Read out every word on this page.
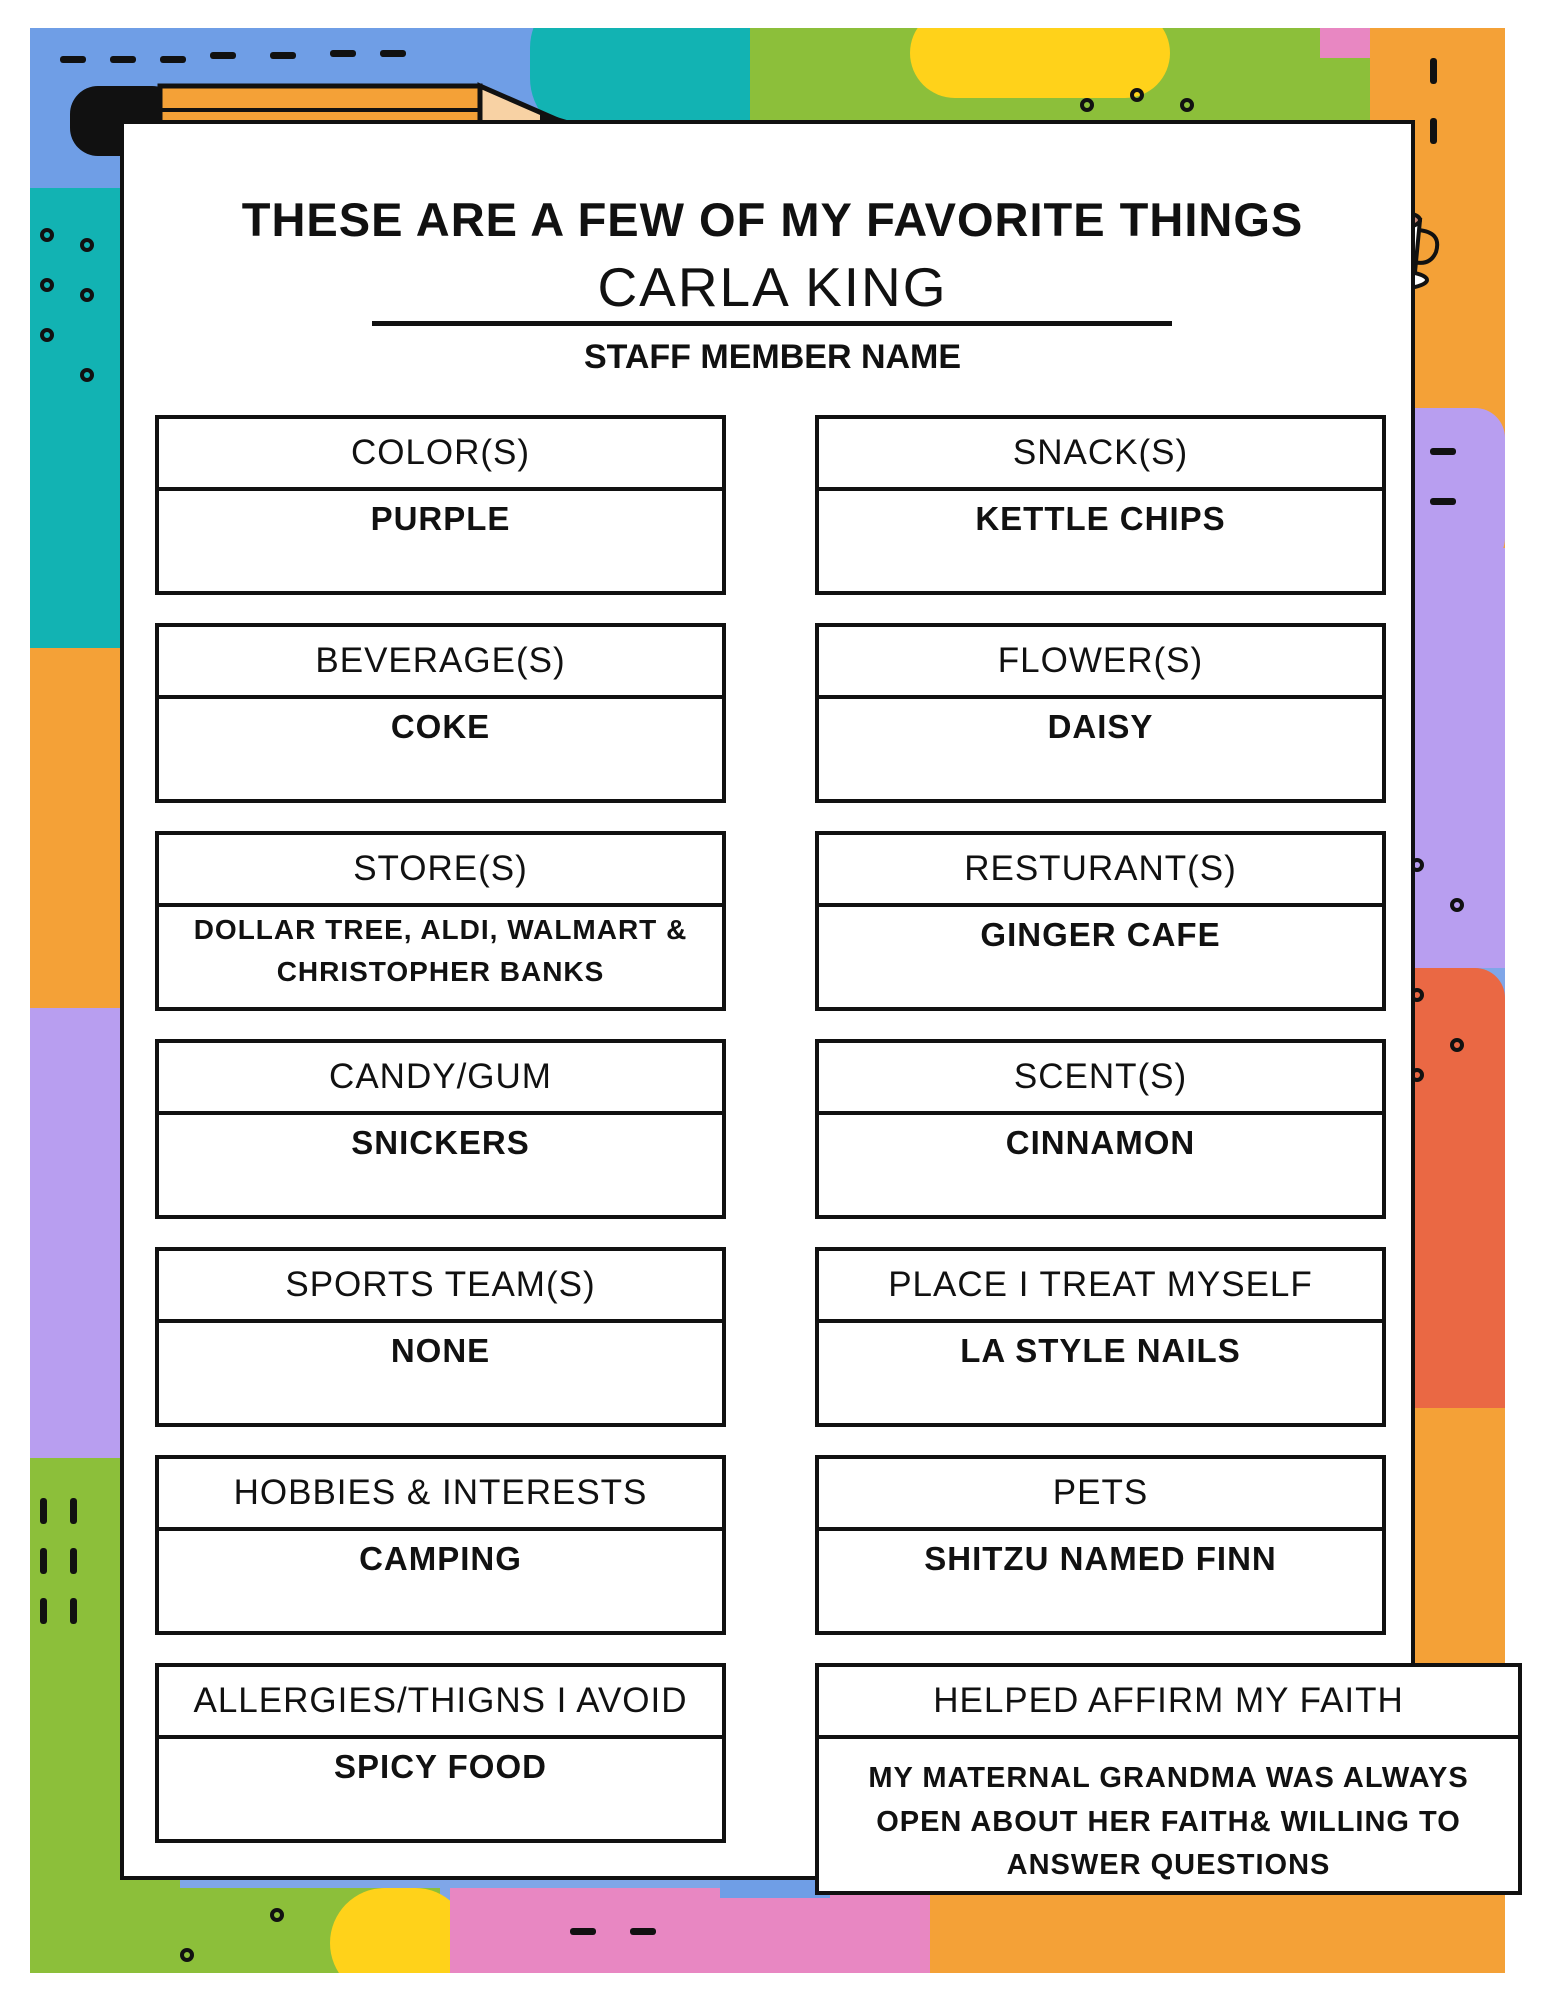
THESE ARE A FEW OF MY FAVORITE THINGS
CARLA KING
STAFF MEMBER NAME
COLOR(S)
PURPLE
BEVERAGE(S)
COKE
STORE(S)
DOLLAR TREE, ALDI, WALMART & CHRISTOPHER BANKS
CANDY/GUM
SNICKERS
SPORTS TEAM(S)
NONE
HOBBIES & INTERESTS
CAMPING
ALLERGIES/THIGNS I AVOID
SPICY FOOD
SNACK(S)
KETTLE CHIPS
FLOWER(S)
DAISY
RESTURANT(S)
GINGER CAFE
SCENT(S)
CINNAMON
PLACE I TREAT MYSELF
LA STYLE NAILS
PETS
SHITZU NAMED FINN
HELPED AFFIRM MY FAITH
MY MATERNAL GRANDMA WAS ALWAYS OPEN ABOUT HER FAITH& WILLING TO ANSWER QUESTIONS
